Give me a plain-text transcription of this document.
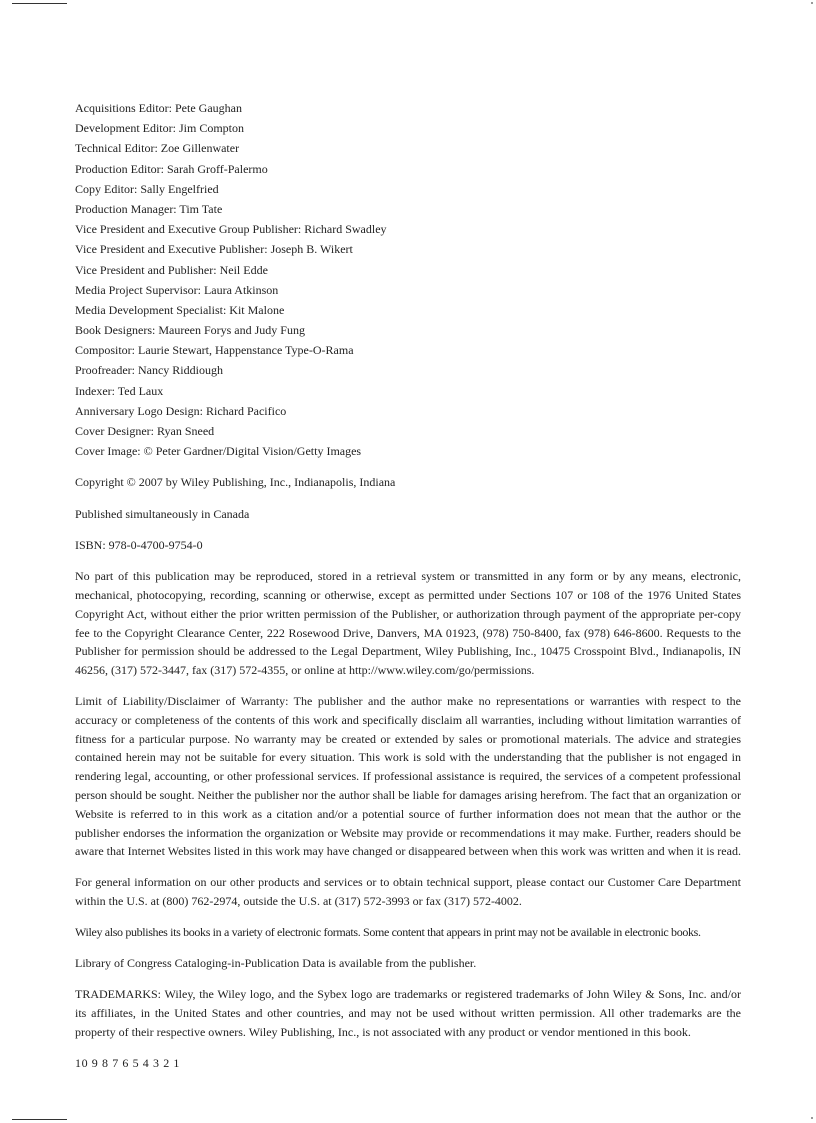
Acquisitions Editor: Pete Gaughan
Development Editor: Jim Compton
Technical Editor: Zoe Gillenwater
Production Editor: Sarah Groff-Palermo
Copy Editor: Sally Engelfried
Production Manager: Tim Tate
Vice President and Executive Group Publisher: Richard Swadley
Vice President and Executive Publisher: Joseph B. Wikert
Vice President and Publisher: Neil Edde
Media Project Supervisor: Laura Atkinson
Media Development Specialist: Kit Malone
Book Designers: Maureen Forys and Judy Fung
Compositor: Laurie Stewart, Happenstance Type-O-Rama
Proofreader: Nancy Riddiough
Indexer: Ted Laux
Anniversary Logo Design: Richard Pacifico
Cover Designer: Ryan Sneed
Cover Image: © Peter Gardner/Digital Vision/Getty Images

Copyright © 2007 by Wiley Publishing, Inc., Indianapolis, Indiana

Published simultaneously in Canada

ISBN: 978-0-4700-9754-0

No part of this publication may be reproduced, stored in a retrieval system or transmitted in any form or by any means, electronic, mechanical, photocopying, recording, scanning or otherwise, except as permitted under Sections 107 or 108 of the 1976 United States Copyright Act, without either the prior written permission of the Publisher, or authorization through payment of the appropriate per-copy fee to the Copyright Clearance Center, 222 Rosewood Drive, Danvers, MA 01923, (978) 750-8400, fax (978) 646-8600. Requests to the Publisher for permission should be addressed to the Legal Department, Wiley Publishing, Inc., 10475 Crosspoint Blvd., Indianapolis, IN 46256, (317) 572-3447, fax (317) 572-4355, or online at http://www.wiley.com/go/permissions.

Limit of Liability/Disclaimer of Warranty: The publisher and the author make no representations or warranties with respect to the accuracy or completeness of the contents of this work and specifically disclaim all warranties, including without limitation warranties of fitness for a particular purpose. No warranty may be created or extended by sales or promotional materials. The advice and strategies contained herein may not be suitable for every situation. This work is sold with the understanding that the publisher is not engaged in rendering legal, accounting, or other professional services. If professional assistance is required, the services of a competent professional person should be sought. Neither the publisher nor the author shall be liable for damages arising herefrom. The fact that an organization or Website is referred to in this work as a citation and/or a potential source of further information does not mean that the author or the publisher endorses the information the organization or Website may provide or recommendations it may make. Further, readers should be aware that Internet Websites listed in this work may have changed or disappeared between when this work was written and when it is read.

For general information on our other products and services or to obtain technical support, please contact our Customer Care Department within the U.S. at (800) 762-2974, outside the U.S. at (317) 572-3993 or fax (317) 572-4002.

Wiley also publishes its books in a variety of electronic formats. Some content that appears in print may not be available in electronic books.

Library of Congress Cataloging-in-Publication Data is available from the publisher.

TRADEMARKS: Wiley, the Wiley logo, and the Sybex logo are trademarks or registered trademarks of John Wiley & Sons, Inc. and/or its affiliates, in the United States and other countries, and may not be used without written permission. All other trademarks are the property of their respective owners. Wiley Publishing, Inc., is not associated with any product or vendor mentioned in this book.

10 9 8 7 6 5 4 3 2 1
